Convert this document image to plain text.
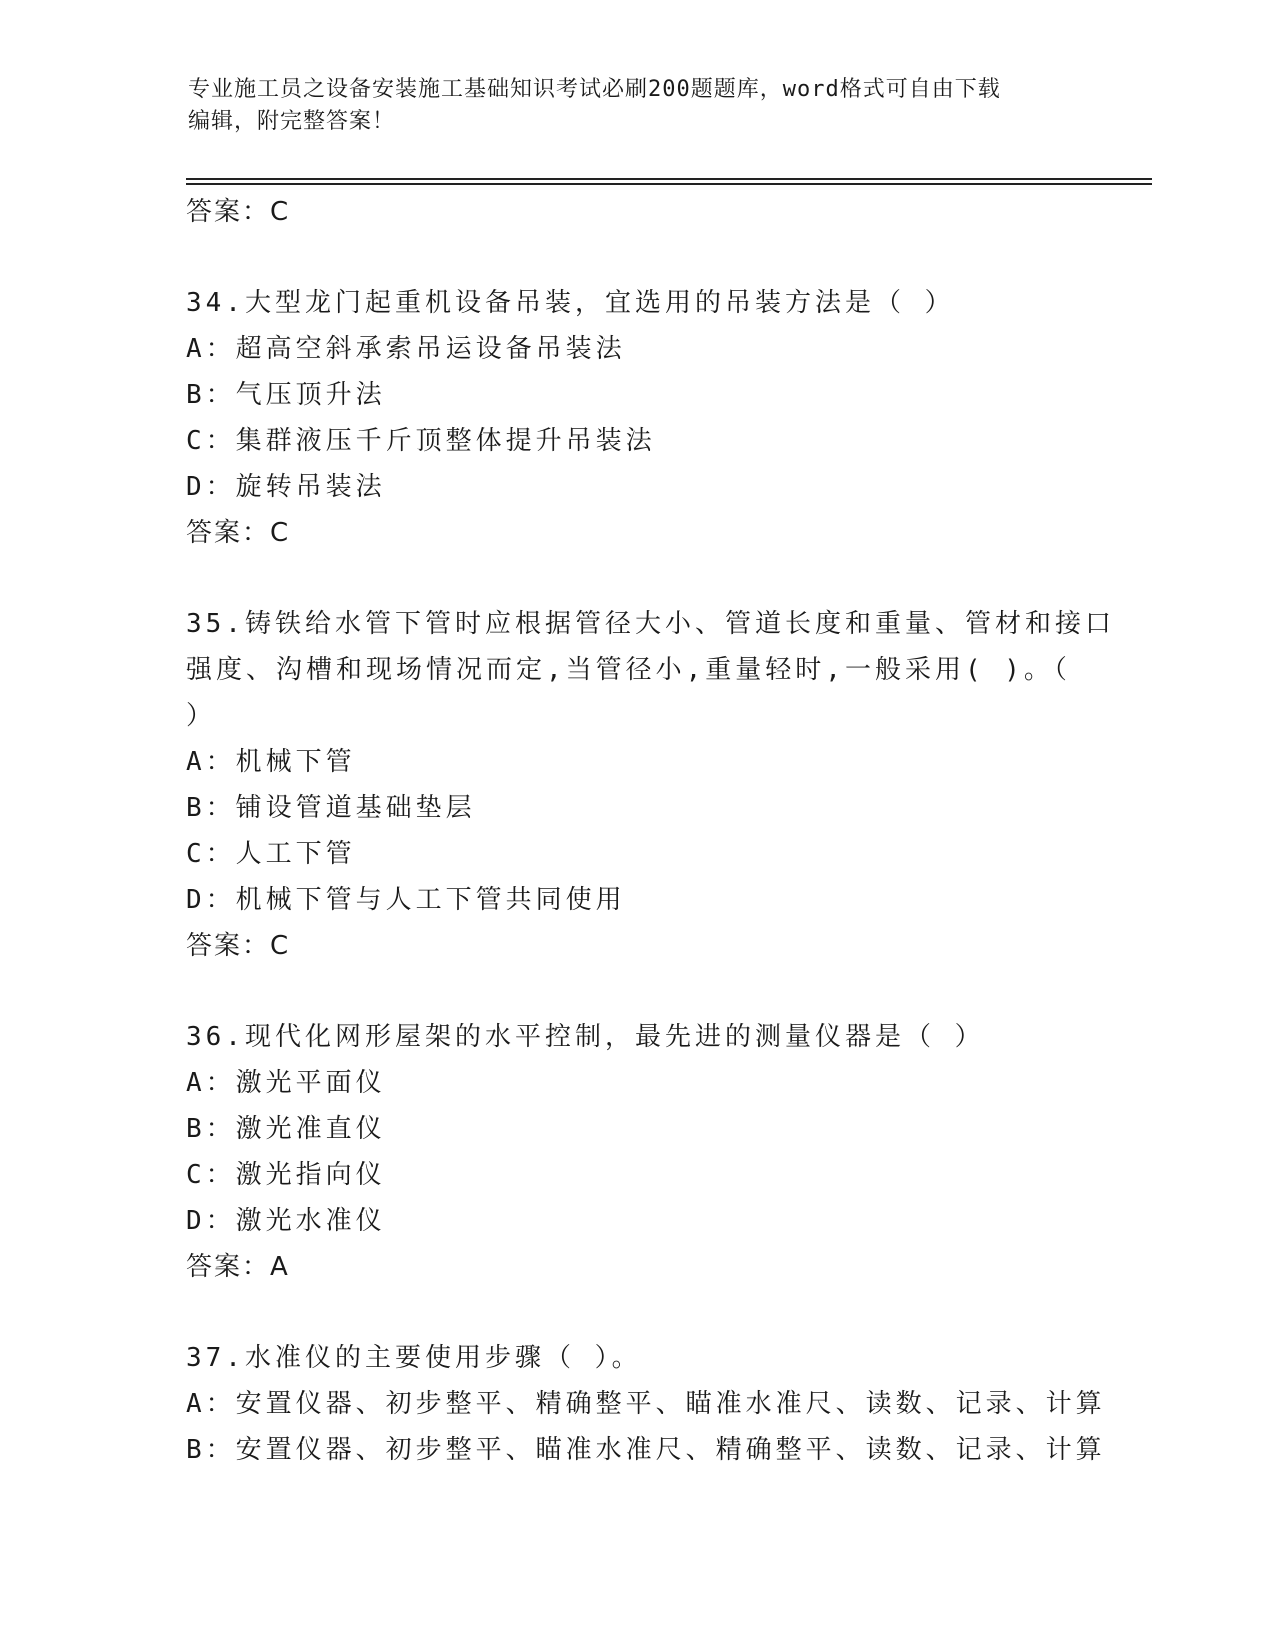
专业施工员之设备安装施工基础知识考试必刷200题题库，word格式可自由下载
编辑，附完整答案！
答案：C
34.大型龙门起重机设备吊装，宜选用的吊装方法是（ ）
A：超高空斜承索吊运设备吊装法
B：气压顶升法
C：集群液压千斤顶整体提升吊装法
D：旋转吊装法
答案：C
35.铸铁给水管下管时应根据管径大小、管道长度和重量、管材和接口
强度、沟槽和现场情况而定,当管径小,重量轻时,一般采用( )。（
）
A：机械下管
B：铺设管道基础垫层
C：人工下管
D：机械下管与人工下管共同使用
答案：C
36.现代化网形屋架的水平控制，最先进的测量仪器是（ ）
A：激光平面仪
B：激光准直仪
C：激光指向仪
D：激光水准仪
答案：A
37.水准仪的主要使用步骤（ ）。
A：安置仪器、初步整平、精确整平、瞄准水准尺、读数、记录、计算
B：安置仪器、初步整平、瞄准水准尺、精确整平、读数、记录、计算
